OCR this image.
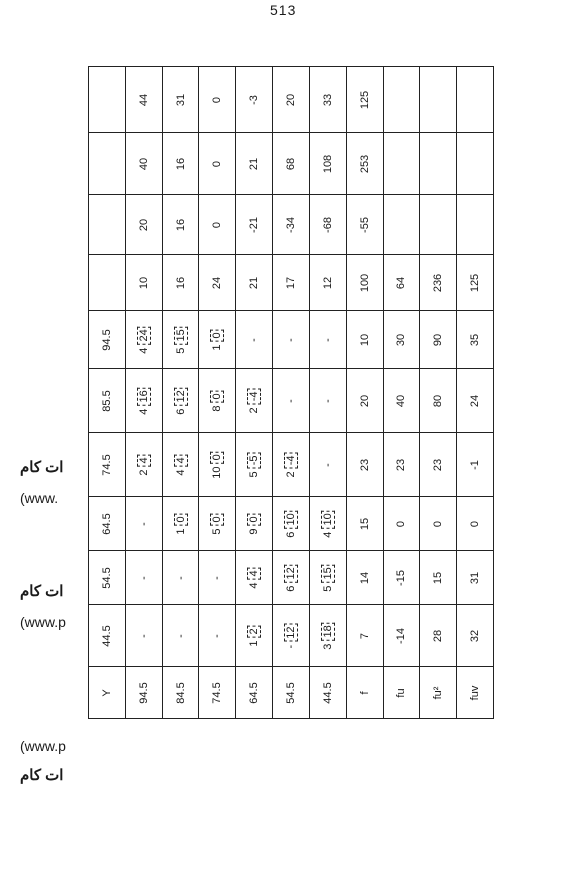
513

	44	31	0	-3	20	33	125			

	40	16	0	21	68	108	253			

	20	16	0	-21	-34	-68	-55			

	10	16	24	21	17	12	100	64	236	125

94.5	4 24	5 15	1 0	-	-	-	10	30	90	35

85.5	4 16	6 12	8 0	2 -4	-	-	20	40	80	24

74.5	2 4	4 4	10 0	5 -5	2 -4	-	23	23	23	-1

64.5	-	1 0	5 0	9 0	6 10	4 10	15	0	0	0

54.5	-	-	-	4 4	6 12	5 15	14	-15	15	31

44.5	-	-	-	1 2	- 12	3 18	7	-14	28	32

Y	94.5	84.5	74.5	64.5	54.5	44.5	f	fu	fu²	fuv
ات كام
(www.
ات كام
(www.p
(www.p
ات كام
